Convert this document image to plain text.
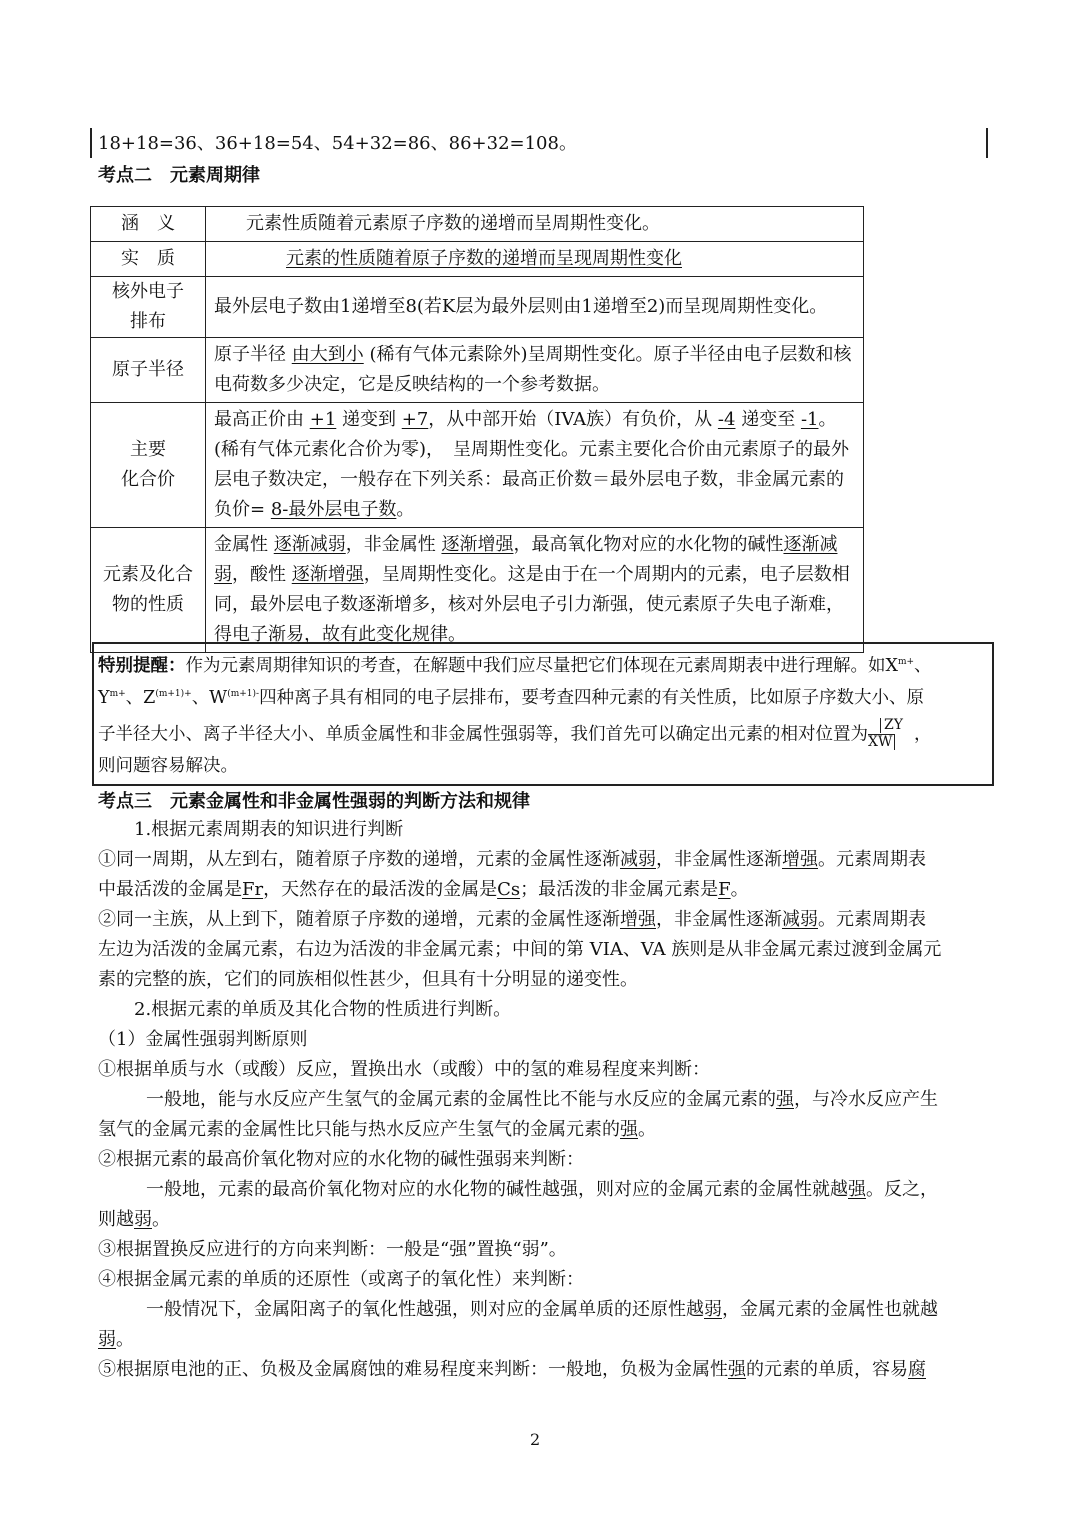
18+18=36、36+18=54、54+32=86、86+32=108。
考点二　元素周期律
涵　义	元素性质随着元素原子序数的递增而呈周期性变化。

实　质	元素的性质随着原子序数的递增而呈现周期性变化

核外电子
排布	最外层电子数由1递增至8(若K层为最外层则由1递增至2)而呈现周期性变化。

原子半径	原子半径 由大到小 (稀有气体元素除外)呈周期性变化。原子半径由电子层数和核电荷数多少决定，它是反映结构的一个参考数据。

主要
化合价	最高正价由 +1 递变到 +7，从中部开始（IVA族）有负价，从 -4 递变至 -1。(稀有气体元素化合价为零)，　呈周期性变化。元素主要化合价由元素原子的最外层电子数决定，一般存在下列关系：最高正价数＝最外层电子数，非金属元素的负价= 8-最外层电子数。

元素及化合
物的性质	金属性 逐渐减弱，非金属性 逐渐增强，最高氧化物对应的水化物的碱性逐渐减弱，酸性 逐渐增强，呈周期性变化。这是由于在一个周期内的元素，电子层数相同，最外层电子数逐渐增多，核对外层电子引力渐强，使元素原子失电子渐难，得电子渐易，故有此变化规律。
特别提醒：作为元素周期律知识的考查，在解题中我们应尽量把它们体现在元素周期表中进行理解。如$X^{m+}$、
$Y^{m+}$、$Z^{(m+1)+}$、$W^{(m+1)-}$四种离子具有相同的电子层排布，要考查四种元素的有关性质，比如原子序数大小、原
子半径大小、离子半径大小、单质金属性和非金属性强弱等，我们首先可以确定出元素的相对位置为 $\frac{ZY}{XW}$ ，
则问题容易解决。
考点三　元素金属性和非金属性强弱的判断方法和规律
1.根据元素周期表的知识进行判断
①同一周期，从左到右，随着原子序数的递增，元素的金属性逐渐减弱，非金属性逐渐增强。元素周期表
中最活泼的金属是Fr，天然存在的最活泼的金属是Cs；最活泼的非金属元素是F。
②同一主族，从上到下，随着原子序数的递增，元素的金属性逐渐增强，非金属性逐渐减弱。元素周期表
左边为活泼的金属元素，右边为活泼的非金属元素；中间的第 VIA、VA 族则是从非金属元素过渡到金属元
素的完整的族，它们的同族相似性甚少，但具有十分明显的递变性。
2.根据元素的单质及其化合物的性质进行判断。
（1）金属性强弱判断原则
①根据单质与水（或酸）反应，置换出水（或酸）中的氢的难易程度来判断：
一般地，能与水反应产生氢气的金属元素的金属性比不能与水反应的金属元素的强，与冷水反应产生
氢气的金属元素的金属性比只能与热水反应产生氢气的金属元素的强。
②根据元素的最高价氧化物对应的水化物的碱性强弱来判断：
一般地，元素的最高价氧化物对应的水化物的碱性越强，则对应的金属元素的金属性就越强。反之，
则越弱。
③根据置换反应进行的方向来判断：一般是“强”置换“弱”。
④根据金属元素的单质的还原性（或离子的氧化性）来判断：
一般情况下，金属阳离子的氧化性越强，则对应的金属单质的还原性越弱，金属元素的金属性也就越
弱。
⑤根据原电池的正、负极及金属腐蚀的难易程度来判断：一般地，负极为金属性强的元素的单质，容易腐
2
